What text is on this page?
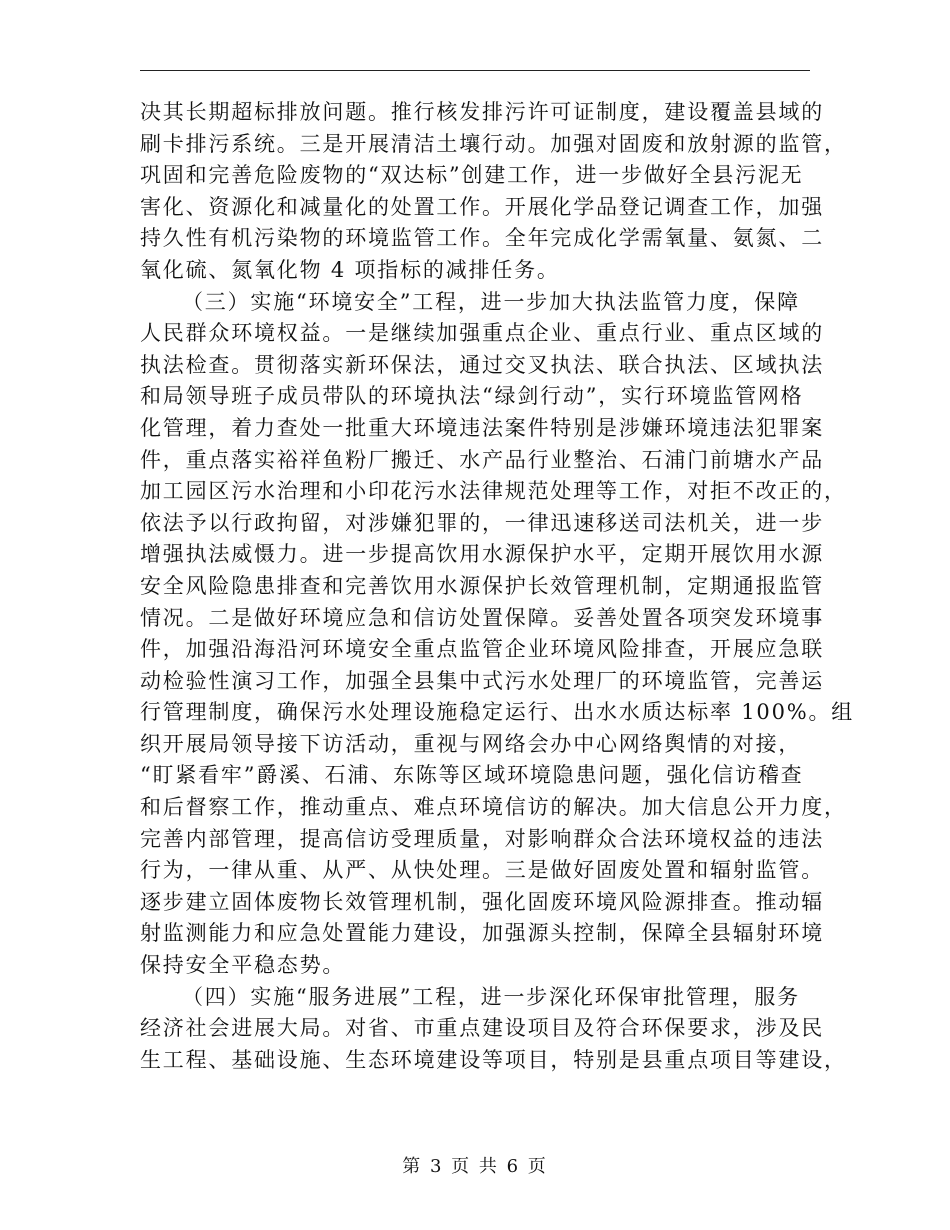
决其长期超标排放问题。推行核发排污许可证制度，建设覆盖县域的
刷卡排污系统。三是开展清洁土壤行动。加强对固废和放射源的监管，
巩固和完善危险废物的“双达标”创建工作，进一步做好全县污泥无
害化、资源化和减量化的处置工作。开展化学品登记调查工作，加强
持久性有机污染物的环境监管工作。全年完成化学需氧量、氨氮、二
氧化硫、氮氧化物 4 项指标的减排任务。
（三）实施“环境安全”工程，进一步加大执法监管力度，保障
人民群众环境权益。一是继续加强重点企业、重点行业、重点区域的
执法检查。贯彻落实新环保法，通过交叉执法、联合执法、区域执法
和局领导班子成员带队的环境执法“绿剑行动”，实行环境监管网格
化管理，着力查处一批重大环境违法案件特别是涉嫌环境违法犯罪案
件，重点落实裕祥鱼粉厂搬迁、水产品行业整治、石浦门前塘水产品
加工园区污水治理和小印花污水法律规范处理等工作，对拒不改正的，
依法予以行政拘留，对涉嫌犯罪的，一律迅速移送司法机关，进一步
增强执法威慑力。进一步提高饮用水源保护水平，定期开展饮用水源
安全风险隐患排查和完善饮用水源保护长效管理机制，定期通报监管
情况。二是做好环境应急和信访处置保障。妥善处置各项突发环境事
件，加强沿海沿河环境安全重点监管企业环境风险排查，开展应急联
动检验性演习工作，加强全县集中式污水处理厂的环境监管，完善运
行管理制度，确保污水处理设施稳定运行、出水水质达标率 100%。组
织开展局领导接下访活动，重视与网络会办中心网络舆情的对接，
“盯紧看牢”爵溪、石浦、东陈等区域环境隐患问题，强化信访稽查
和后督察工作，推动重点、难点环境信访的解决。加大信息公开力度，
完善内部管理，提高信访受理质量，对影响群众合法环境权益的违法
行为，一律从重、从严、从快处理。三是做好固废处置和辐射监管。
逐步建立固体废物长效管理机制，强化固废环境风险源排查。推动辐
射监测能力和应急处置能力建设，加强源头控制，保障全县辐射环境
保持安全平稳态势。
（四）实施“服务进展”工程，进一步深化环保审批管理，服务
经济社会进展大局。对省、市重点建设项目及符合环保要求，涉及民
生工程、基础设施、生态环境建设等项目，特别是县重点项目等建设，
第 3 页 共 6 页
